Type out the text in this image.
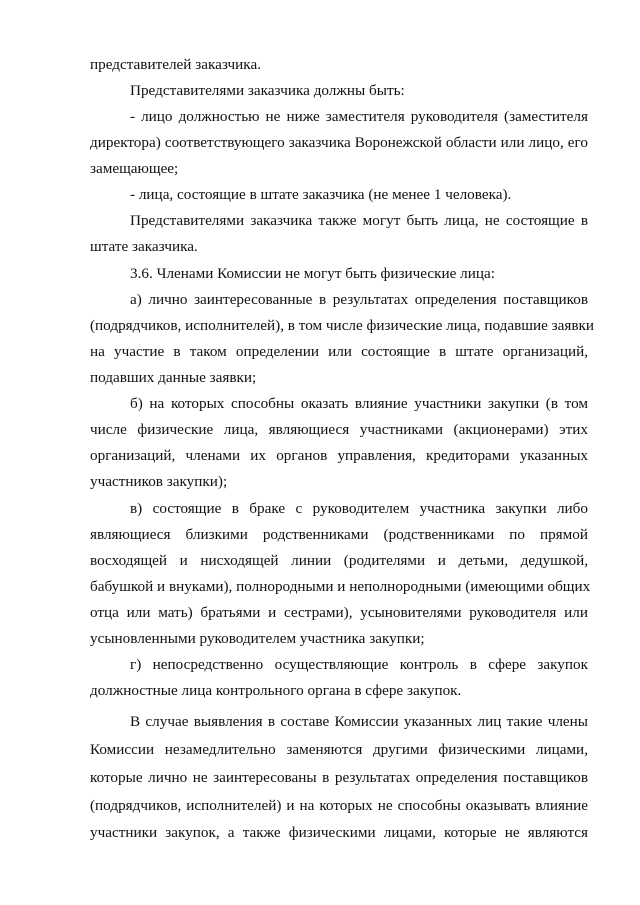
представителей заказчика.
Представителями заказчика должны быть:
- лицо должностью не ниже заместителя руководителя (заместителя
директора) соответствующего заказчика Воронежской области или лицо, его
замещающее;
- лица, состоящие в штате заказчика (не менее 1 человека).
Представителями заказчика также могут быть лица, не состоящие в
штате заказчика.
3.6. Членами Комиссии не могут быть физические лица:
а) лично заинтересованные в результатах определения поставщиков
(подрядчиков, исполнителей), в том числе физические лица, подавшие заявки
на участие в таком определении или состоящие в штате организаций,
подавших данные заявки;
б) на которых способны оказать влияние участники закупки (в том
числе физические лица, являющиеся участниками (акционерами) этих
организаций, членами их органов управления, кредиторами указанных
участников закупки);
в) состоящие в браке с руководителем участника закупки либо
являющиеся близкими родственниками (родственниками по прямой
восходящей и нисходящей линии (родителями и детьми, дедушкой,
бабушкой и внуками), полнородными и неполнородными (имеющими общих
отца или мать) братьями и сестрами), усыновителями руководителя или
усыновленными руководителем участника закупки;
г) непосредственно осуществляющие контроль в сфере закупок
должностные лица контрольного органа в сфере закупок.
В случае выявления в составе Комиссии указанных лиц такие члены
Комиссии незамедлительно заменяются другими физическими лицами,
которые лично не заинтересованы в результатах определения поставщиков
(подрядчиков, исполнителей) и на которых не способны оказывать влияние
участники закупок, а также физическими лицами, которые не являются
